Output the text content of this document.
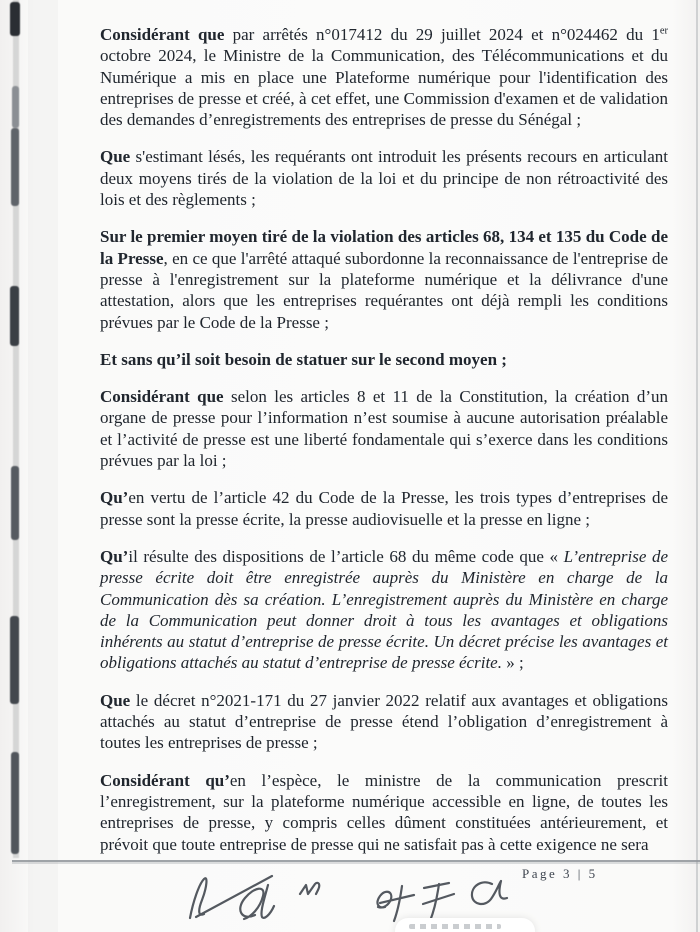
Considérant que par arrêtés n°017412 du 29 juillet 2024 et n°024462 du 1er octobre 2024, le Ministre de la Communication, des Télécommunications et du Numérique a mis en place une Plateforme numérique pour l'identification des entreprises de presse et créé, à cet effet, une Commission d'examen et de validation des demandes d’enregistrements des entreprises de presse du Sénégal ;

Que s'estimant lésés, les requérants ont introduit les présents recours en articulant deux moyens tirés de la violation de la loi et du principe de non rétroactivité des lois et des règlements ;

Sur le premier moyen tiré de la violation des articles 68, 134 et 135 du Code de la Presse, en ce que l'arrêté attaqué subordonne la reconnaissance de l'entreprise de presse à l'enregistrement sur la plateforme numérique et la délivrance d'une attestation, alors que les entreprises requérantes ont déjà rempli les conditions prévues par le Code de la Presse ;

Et sans qu’il soit besoin de statuer sur le second moyen ;

Considérant que selon les articles 8 et 11 de la Constitution, la création d’un organe de presse pour l’information n’est soumise à aucune autorisation préalable et l’activité de presse est une liberté fondamentale qui s’exerce dans les conditions prévues par la loi ;

Qu’en vertu de l’article 42 du Code de la Presse, les trois types d’entreprises de presse sont la presse écrite, la presse audiovisuelle et la presse en ligne ;

Qu’il résulte des dispositions de l’article 68 du même code que « L’entreprise de presse écrite doit être enregistrée auprès du Ministère en charge de la Communication dès sa création. L’enregistrement auprès du Ministère en charge de la Communication peut donner droit à tous les avantages et obligations inhérents au statut d’entreprise de presse écrite. Un décret précise les avantages et obligations attachés au statut d’entreprise de presse écrite. » ;

Que le décret n°2021-171 du 27 janvier 2022 relatif aux avantages et obligations attachés au statut d’entreprise de presse étend l’obligation d’enregistrement à toutes les entreprises de presse ;

Considérant qu’en l’espèce, le ministre de la communication prescrit l’enregistrement, sur la plateforme numérique accessible en ligne, de toutes les entreprises de presse, y compris celles dûment constituées antérieurement, et prévoit que toute entreprise de presse qui ne satisfait pas à cette exigence ne sera

Page 3 | 5
